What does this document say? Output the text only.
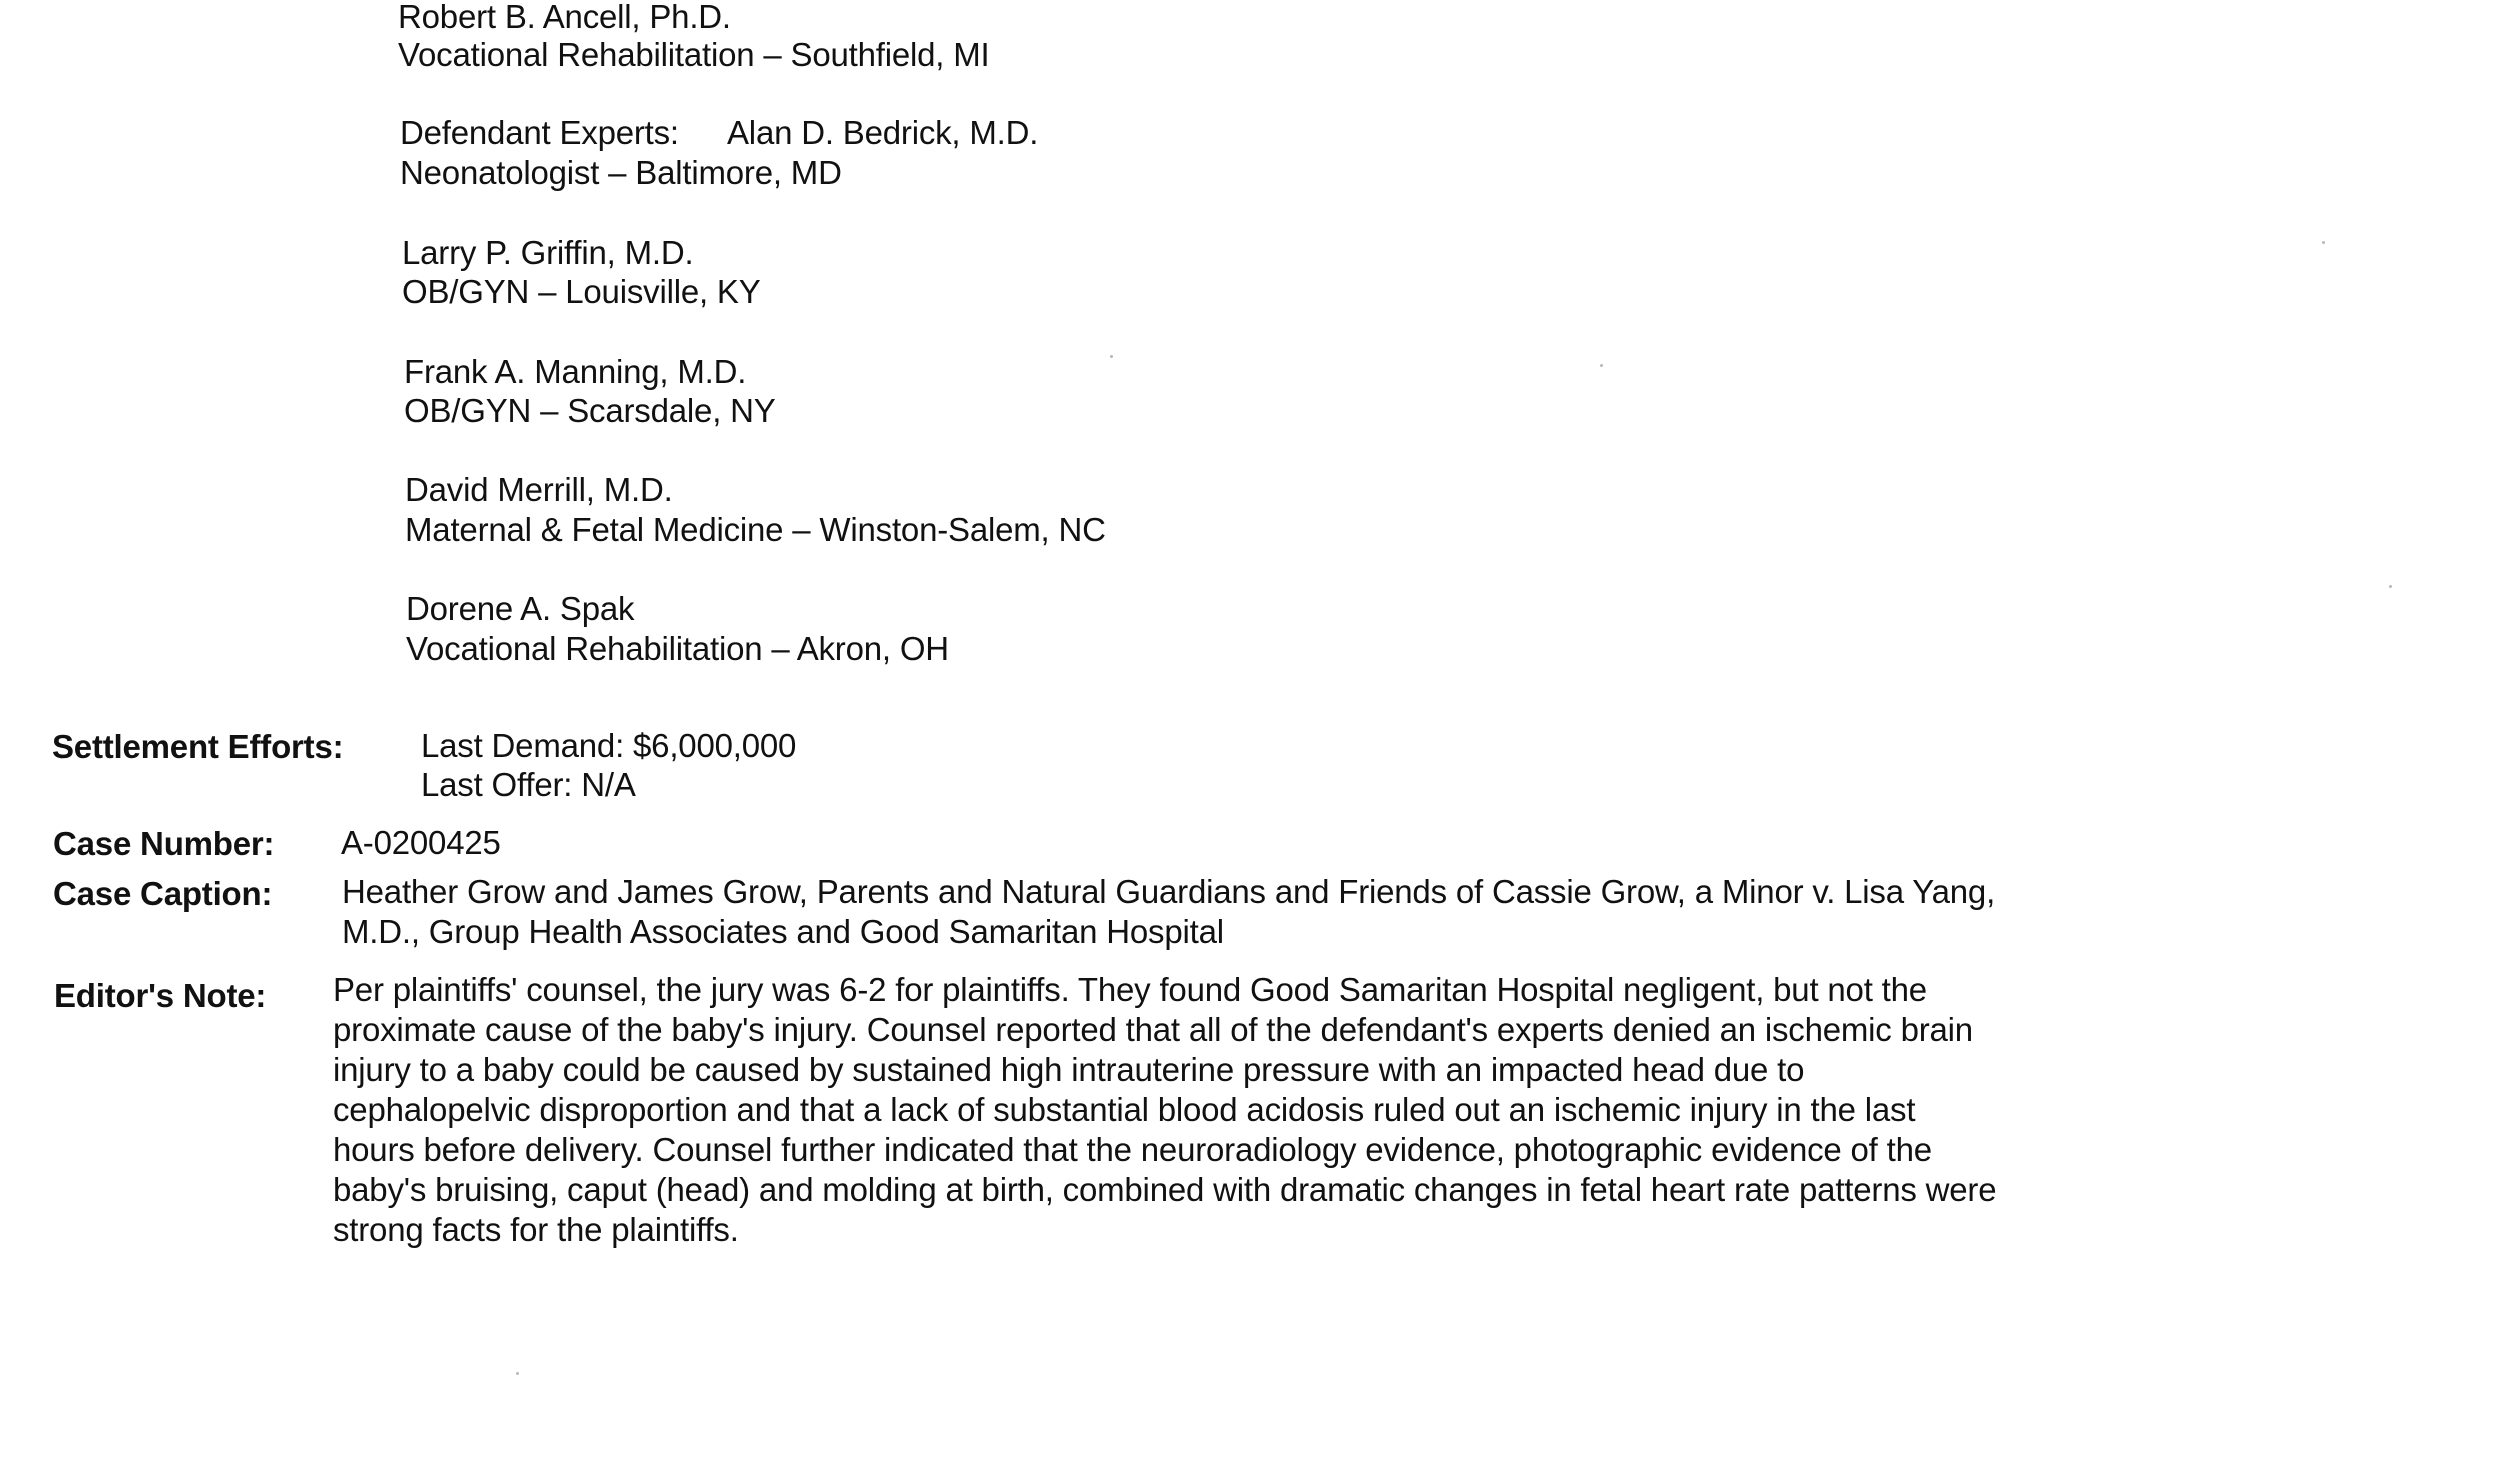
Robert B. Ancell, Ph.D.
Vocational Rehabilitation – Southfield, MI
Defendant Experts: Alan D. Bedrick, M.D.
Neonatologist – Baltimore, MD
Larry P. Griffin, M.D.
OB/GYN – Louisville, KY
Frank A. Manning, M.D.
OB/GYN – Scarsdale, NY
David Merrill, M.D.
Maternal & Fetal Medicine – Winston-Salem, NC
Dorene A. Spak
Vocational Rehabilitation – Akron, OH
Settlement Efforts: Last Demand: $6,000,000
Last Offer: N/A
Case Number: A-0200425
Case Caption: Heather Grow and James Grow, Parents and Natural Guardians and Friends of Cassie Grow, a Minor v. Lisa Yang,
M.D., Group Health Associates and Good Samaritan Hospital
Editor's Note: Per plaintiffs' counsel, the jury was 6-2 for plaintiffs. They found Good Samaritan Hospital negligent, but not the
proximate cause of the baby's injury. Counsel reported that all of the defendant's experts denied an ischemic brain
injury to a baby could be caused by sustained high intrauterine pressure with an impacted head due to
cephalopelvic disproportion and that a lack of substantial blood acidosis ruled out an ischemic injury in the last
hours before delivery. Counsel further indicated that the neuroradiology evidence, photographic evidence of the
baby's bruising, caput (head) and molding at birth, combined with dramatic changes in fetal heart rate patterns were
strong facts for the plaintiffs.
